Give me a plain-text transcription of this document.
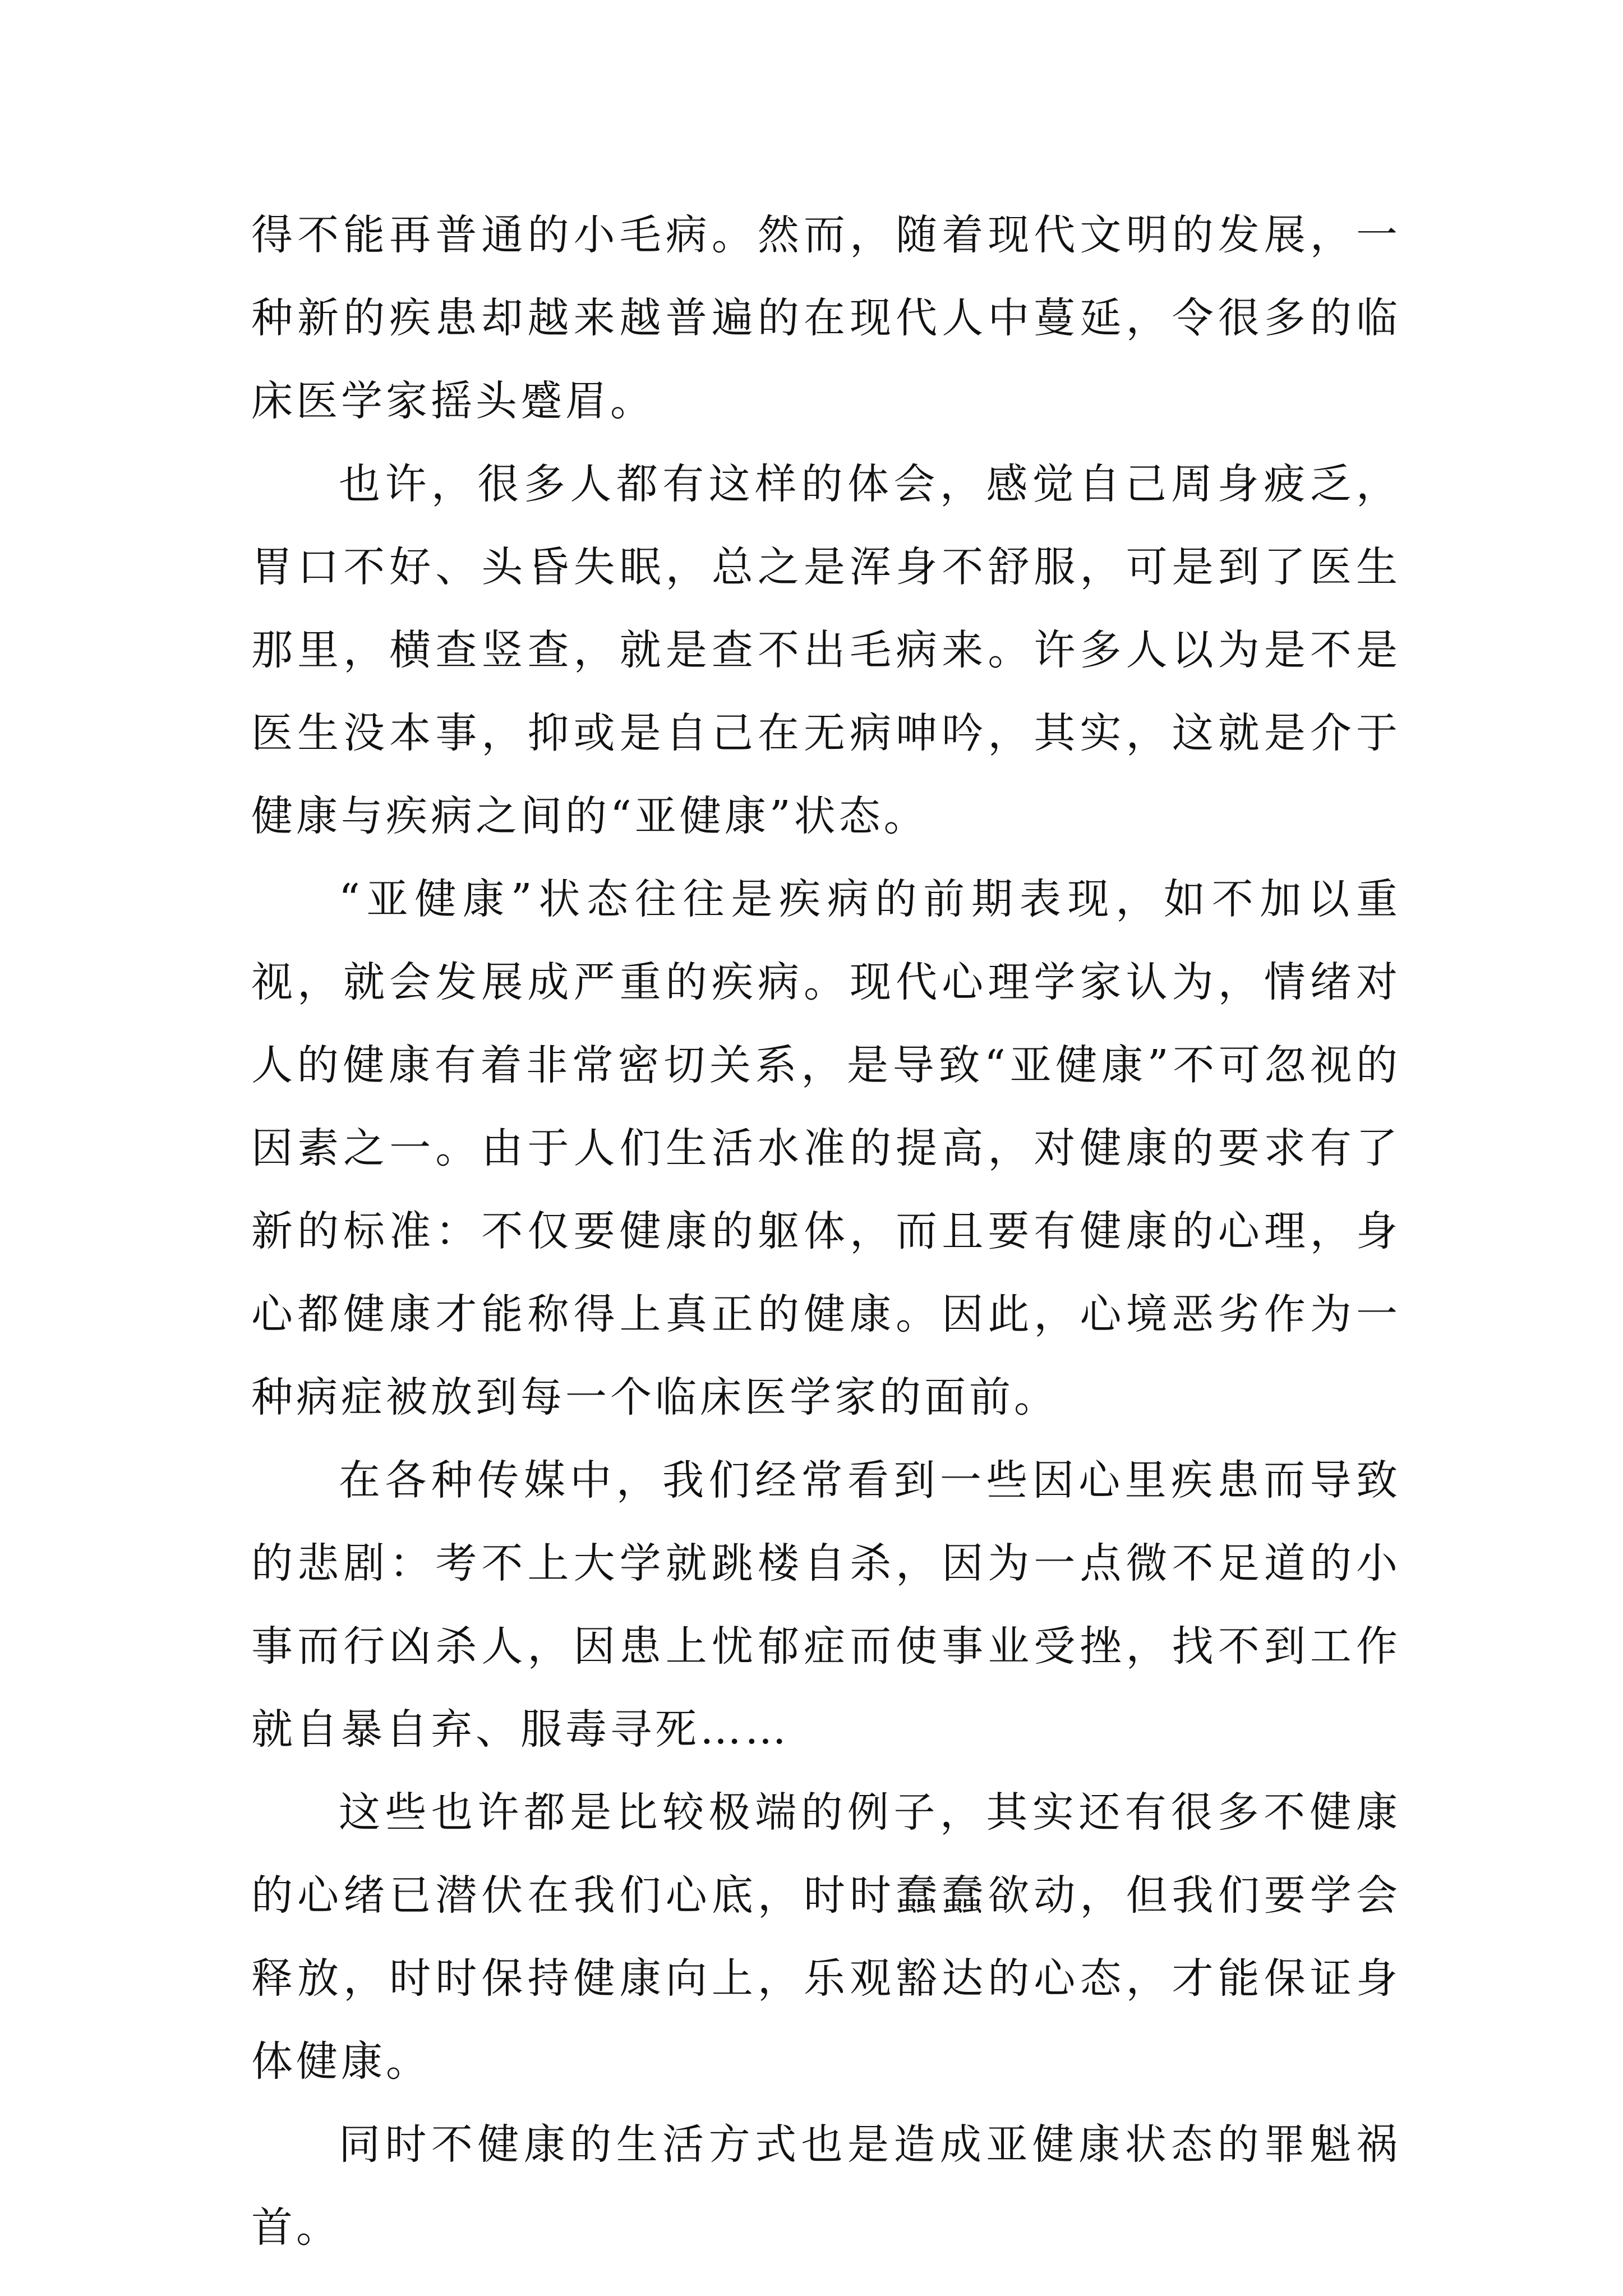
得不能再普通的小毛病。然而，随着现代文明的发展，一种新的疾患却越来越普遍的在现代人中蔓延，令很多的临床医学家摇头蹙眉。

也许，很多人都有这样的体会，感觉自己周身疲乏，胃口不好、头昏失眠，总之是浑身不舒服，可是到了医生那里，横查竖查，就是查不出毛病来。许多人以为是不是医生没本事，抑或是自己在无病呻吟，其实，这就是介于健康与疾病之间的“亚健康”状态。

“亚健康”状态往往是疾病的前期表现，如不加以重视，就会发展成严重的疾病。现代心理学家认为，情绪对人的健康有着非常密切关系，是导致“亚健康”不可忽视的因素之一。由于人们生活水准的提高，对健康的要求有了新的标准：不仅要健康的躯体，而且要有健康的心理，身心都健康才能称得上真正的健康。因此，心境恶劣作为一种病症被放到每一个临床医学家的面前。

在各种传媒中，我们经常看到一些因心里疾患而导致的悲剧：考不上大学就跳楼自杀，因为一点微不足道的小事而行凶杀人，因患上忧郁症而使事业受挫，找不到工作就自暴自弃、服毒寻死……

这些也许都是比较极端的例子，其实还有很多不健康的心绪已潜伏在我们心底，时时蠢蠢欲动，但我们要学会释放，时时保持健康向上，乐观豁达的心态，才能保证身体健康。

同时不健康的生活方式也是造成亚健康状态的罪魁祸首。
